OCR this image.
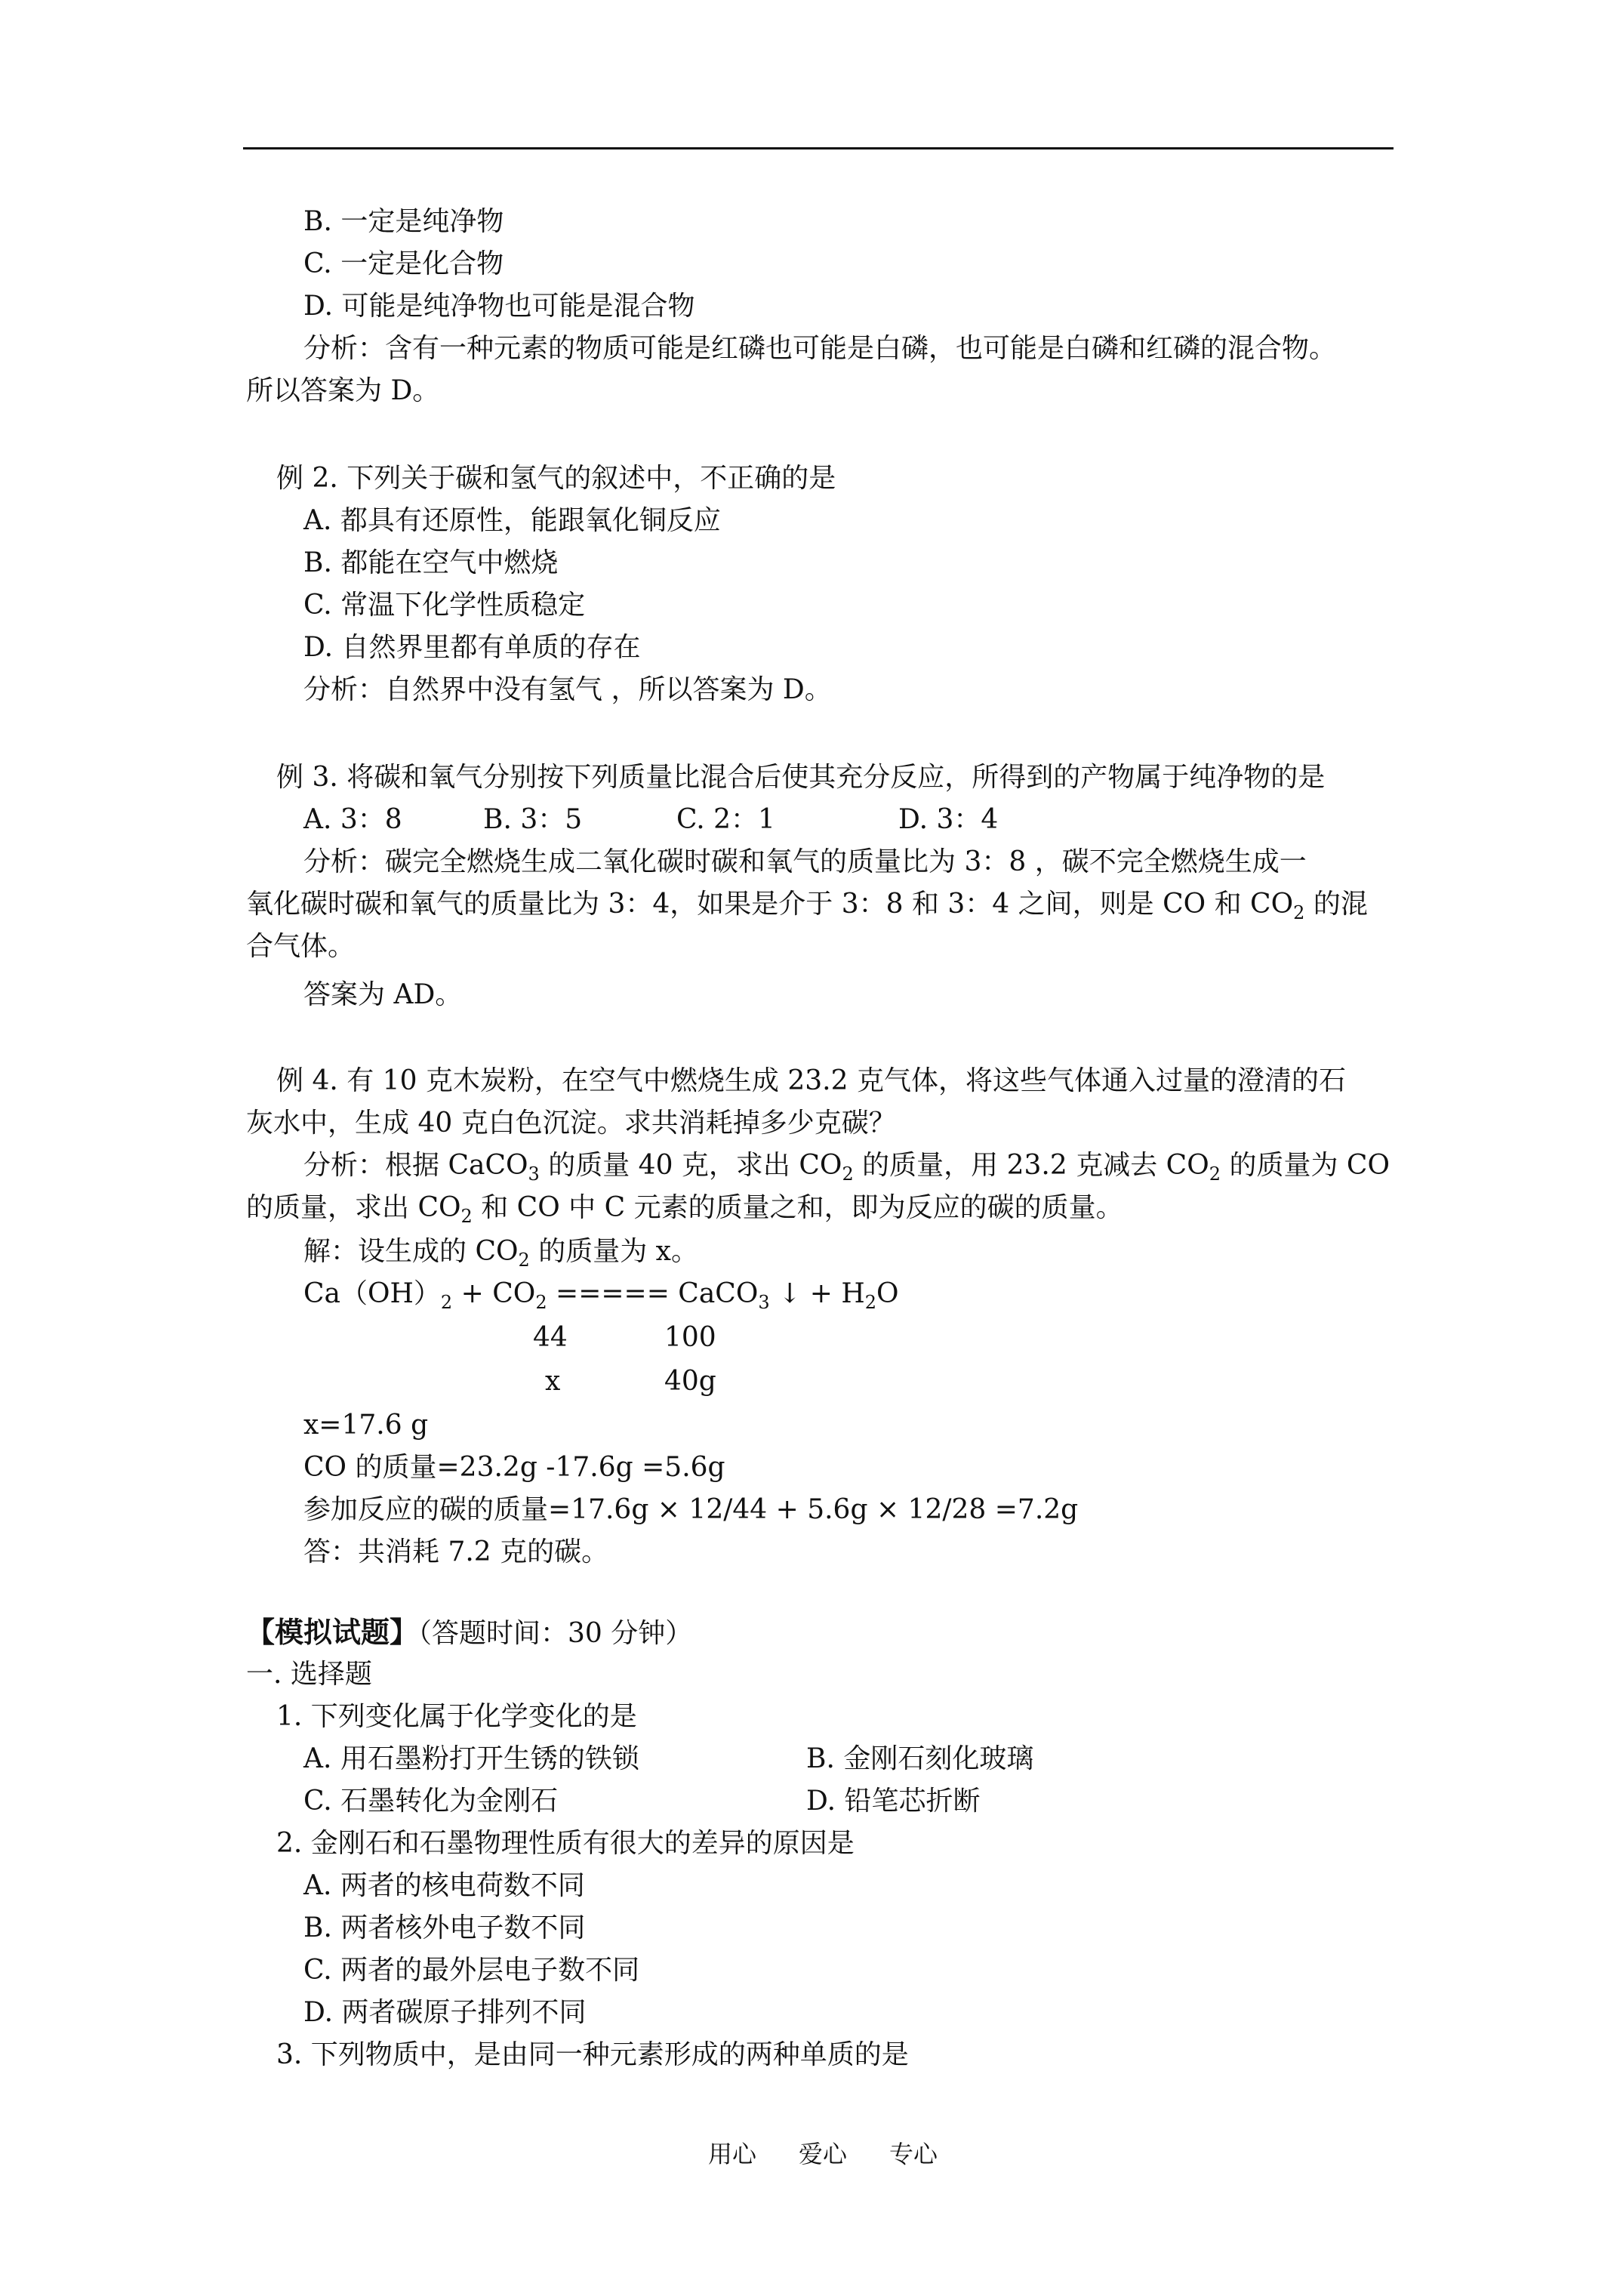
B. 一定是纯净物
C. 一定是化合物
D. 可能是纯净物也可能是混合物
分析：含有一种元素的物质可能是红磷也可能是白磷，也可能是白磷和红磷的混合物。
所以答案为 D。
例 2. 下列关于碳和氢气的叙述中，不正确的是
A. 都具有还原性，能跟氧化铜反应
B. 都能在空气中燃烧
C. 常温下化学性质稳定
D. 自然界里都有单质的存在
分析：自然界中没有氢气 ，所以答案为 D。
例 3. 将碳和氧气分别按下列质量比混合后使其充分反应，所得到的产物属于纯净物的是
A. 3：8	B. 3：5	C. 2：1	D. 3：4
分析：碳完全燃烧生成二氧化碳时碳和氧气的质量比为 3：8 ，碳不完全燃烧生成一
氧化碳时碳和氧气的质量比为 3：4，如果是介于 3：8 和 3：4 之间，则是 CO 和 $CO_2$ 的混
合气体。
答案为 AD。
例 4. 有 10 克木炭粉，在空气中燃烧生成 23.2 克气体，将这些气体通入过量的澄清的石
灰水中，生成 40 克白色沉淀。求共消耗掉多少克碳？
分析：根据 CaCO$_3$ 的质量 40 克，求出 $CO_2$ 的质量，用 23.2 克减去 $CO_2$ 的质量为 CO
的质量，求出 $CO_2$ 和 CO 中 C 元素的质量之和，即为反应的碳的质量。
解：设生成的 $CO_2$ 的质量为 x。
$Ca(OH)_2 + CO_2$ ===== CaCO$_3$ ↓ + $H_2O$
44	100
x	40g
x=17.6 g
CO 的质量=23.2g -17.6g =5.6g
参加反应的碳的质量=17.6g × 12/44 + 5.6g × 12/28 =7.2g
答：共消耗 7.2 克的碳。
【模拟试题】（答题时间：30 分钟）
一. 选择题
1. 下列变化属于化学变化的是
A. 用石墨粉打开生锈的铁锁	B. 金刚石刻化玻璃
C. 石墨转化为金刚石	D. 铅笔芯折断
2. 金刚石和石墨物理性质有很大的差异的原因是
A. 两者的核电荷数不同
B. 两者核外电子数不同
C. 两者的最外层电子数不同
D. 两者碳原子排列不同
3. 下列物质中，是由同一种元素形成的两种单质的是
用心 爱心 专心
